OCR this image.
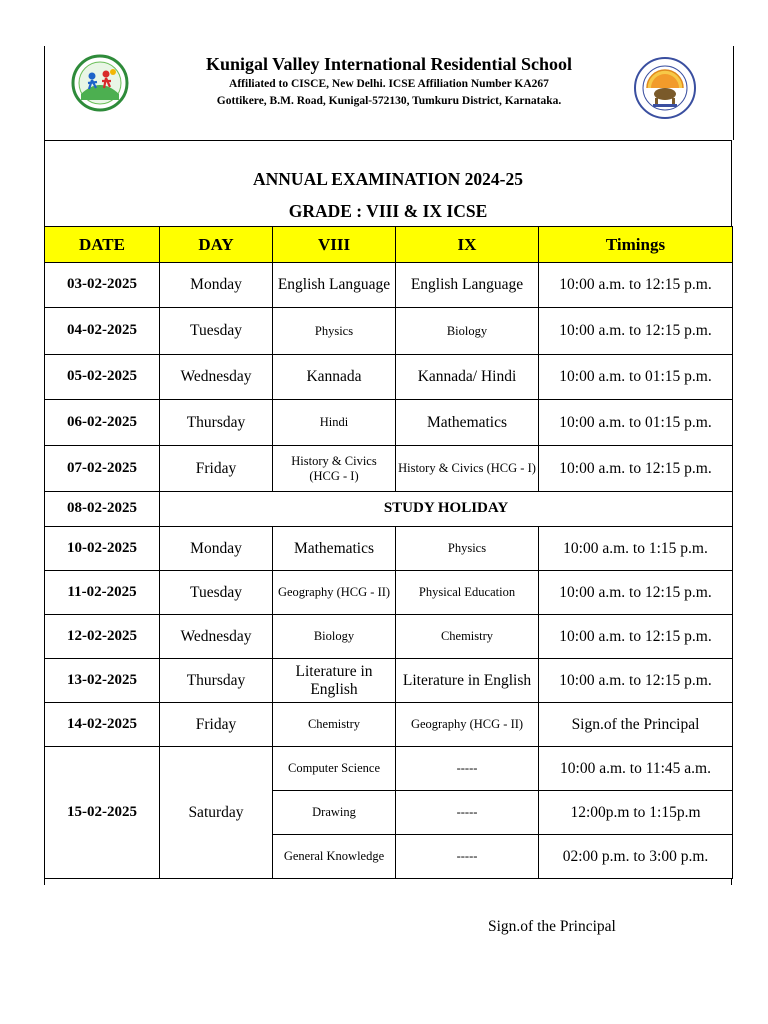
Kunigal Valley International Residential School
Affiliated to CISCE, New Delhi. ICSE Affiliation Number KA267
Gottikere, B.M. Road, Kunigal-572130, Tumkuru District, Karnataka.
ANNUAL EXAMINATION 2024-25
GRADE : VIII & IX ICSE
DATE	DAY	VIII	IX	Timings
03-02-2025	Monday	English Language	English Language	10:00 a.m. to 12:15 p.m.
04-02-2025	Tuesday	Physics	Biology	10:00 a.m. to 12:15 p.m.
05-02-2025	Wednesday	Kannada	Kannada/ Hindi	10:00 a.m. to 01:15 p.m.
06-02-2025	Thursday	Hindi	Mathematics	10:00 a.m. to 01:15 p.m.
07-02-2025	Friday	History & Civics (HCG - I)	History & Civics (HCG - I)	10:00 a.m. to 12:15 p.m.
08-02-2025	STUDY HOLIDAY			
10-02-2025	Monday	Mathematics	Physics	10:00 a.m. to 1:15 p.m.
11-02-2025	Tuesday	Geography (HCG - II)	Physical Education	10:00 a.m. to 12:15 p.m.
12-02-2025	Wednesday	Biology	Chemistry	10:00 a.m. to 12:15 p.m.
13-02-2025	Thursday	Literature in English	Literature in English	10:00 a.m. to 12:15 p.m.
14-02-2025	Friday	Chemistry	Geography (HCG - II)	Sign.of the Principal
15-02-2025	Saturday	Computer Science	-----	10:00 a.m. to 11:45 a.m.
		Drawing	-----	12:00p.m to 1:15p.m
		General Knowledge	-----	02:00 p.m. to 3:00 p.m.
Sign.of the Principal
